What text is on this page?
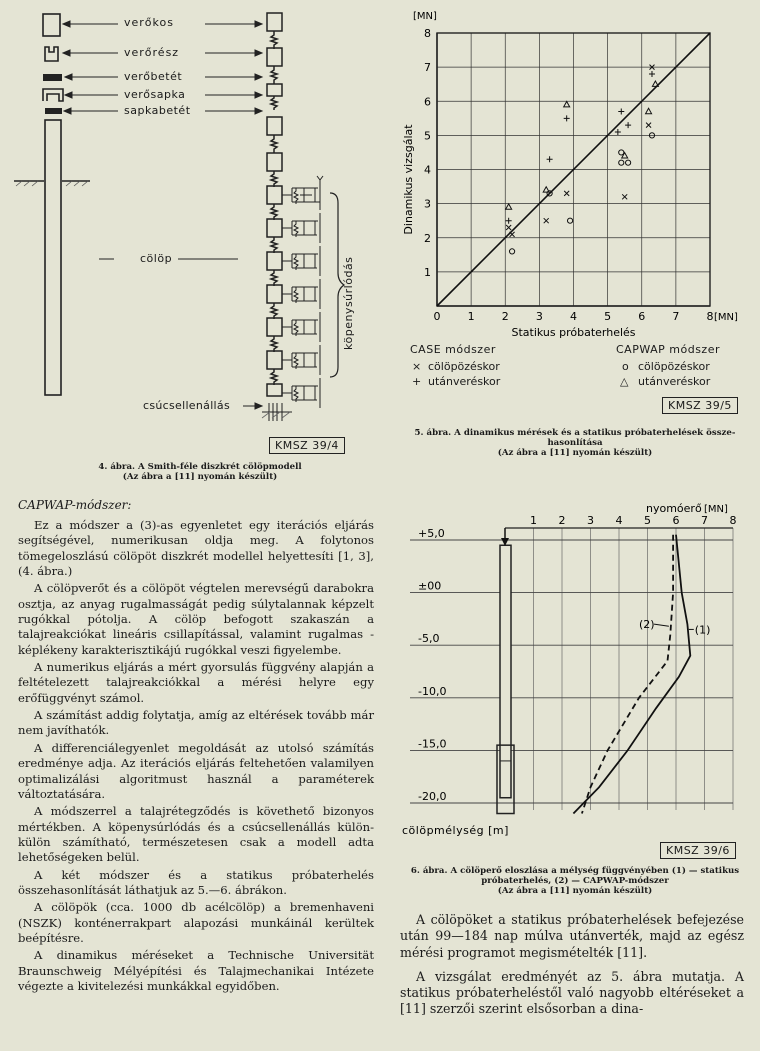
verőkos
verőrész
verőbetét
verősapka
sapkabetét
cölöp	köpenysúrlódás
csúcsellenállás
KMSZ 39/4
4. ábra. A Smith-féle diszkrét cölöpmodell
(Az ábra a [11] nyomán készült)
0 1 2 3 4 5 6 7 8
1
2
3
4
5
6
7
8
[MN]
[MN]
Statikus próbaterhelés
Dinamikus vizsgálat
CASE módszer	CAPWAP módszer
× cölöpözéskor
+ utánveréskor
o cölöpözéskor
△ utánveréskor
KMSZ 39/5
5. ábra. A dinamikus mérések és a statikus próbaterhelések össze-
hasonlítása
(Az ábra a [11] nyomán készült)
1 2 3 4 5 6 7 8
nyomóerő [MN]
+5,0
±00
-5,0
-10,0
-15,0
-20,0
cölöpmélység [m]
(2)	(1)
KMSZ 39/6
6. ábra. A cölöperő eloszlása a mélység függvényében (1) — statikus
próbaterhelés, (2) — CAPWAP-módszer
(Az ábra a [11] nyomán készült)
CAPWAP-módszer:

Ez a módszer a (3)-as egyenletet egy iterációs eljárás segítségével, numerikusan oldja meg. A folytonos tömegeloszlású cölöpöt diszkrét modellel helyettesíti [1, 3], (4. ábra.)

A cölöpverőt és a cölöpöt végtelen merevségű darabokra osztja, az anyag rugalmasságát pedig súlytalannak képzelt rugókkal pótolja. A cölöp befogott szakaszán a talajreakciókat lineáris csillapítással, valamint rugalmas -képlékeny karakterisztikájú rugókkal veszi figyelembe.

A numerikus eljárás a mért gyorsulás függvény alapján a feltételezett talajreakciókkal a mérési helyre egy erőfüggvényt számol.

A számítást addig folytatja, amíg az eltérések tovább már nem javíthatók.

A differenciálegyenlet megoldását az utolsó számítás eredménye adja. Az iterációs eljárás feltehetően valamilyen optimalizálási algoritmust használ a paraméterek változtatására.

A módszerrel a talajrétegződés is követhető bizonyos mértékben. A köpenysúrlódás és a csúcsellenállás külön-külön számítható, természetesen csak a modell adta lehetőségeken belül.

A két módszer és a statikus próbaterhelés összehasonlítását láthatjuk az 5.—6. ábrákon.

A cölöpök (cca. 1000 db acélcölöp) a bremenhaveni (NSZK) konténerrakpart alapozási munkáinál kerültek beépítésre.

A dinamikus méréseket a Technische Universität Braunschweig Mélyépítési és Talajmechanikai Intézete végezte a kivitelezési munkákkal egyidőben.

A cölöpöket a statikus próbaterhelések befejezése után 99—184 nap múlva utánverték, majd az egész mérési programot megismételték [11].

A vizsgálat eredményét az 5. ábra mutatja. A statikus próbaterheléstől való nagyobb eltéréseket a [11] szerzői szerint elsősorban a dina-
